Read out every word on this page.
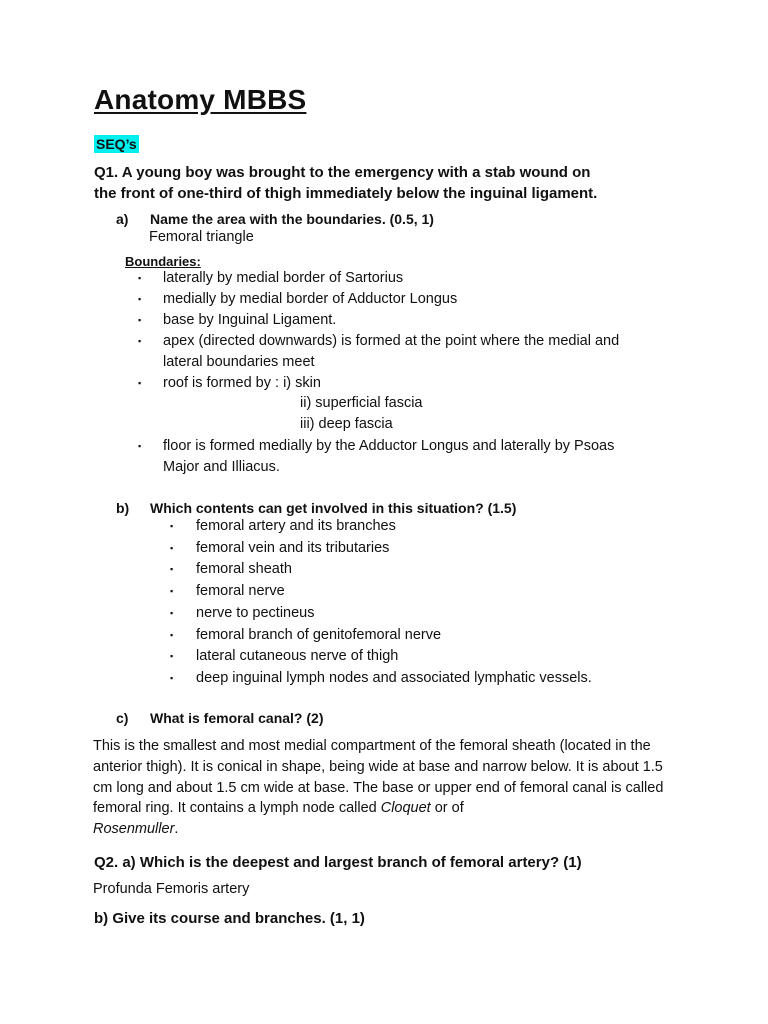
Anatomy MBBS
SEQ’s

Q1. A young boy was brought to the emergency with a stab wound on

the front of one-third of thigh immediately below the inguinal ligament.

a) Name the area with the boundaries. (0.5, 1)
Femoral triangle
Boundaries:
▪ laterally by medial border of Sartorius
▪ medially by medial border of Adductor Longus
▪ base by Inguinal Ligament.
▪ apex (directed downwards) is formed at the point where the medial and
lateral boundaries meet
▪ roof is formed by : i) skin

▪ floor is formed medially by the Adductor Longus and laterally by Psoas
Major and Illiacus.
ii) superficial fascia
iii) deep fascia
b) Which contents can get involved in this situation? (1.5)
▪ femoral artery and its branches
▪ femoral vein and its tributaries
▪ femoral sheath
▪ femoral nerve
▪ nerve to pectineus
▪ femoral branch of genitofemoral nerve
▪ lateral cutaneous nerve of thigh
▪ deep inguinal lymph nodes and associated lymphatic vessels.
c) What is femoral canal? (2)

This is the smallest and most medial compartment of the femoral sheath (located in the anterior thigh). It is conical in shape, being wide at base and narrow below. It is about 1.5 cm long and about 1.5 cm wide at base. The base or upper end of femoral canal is called femoral ring. It contains a lymph node called Cloquet or of
Rosenmuller.

Q2. a) Which is the deepest and largest branch of femoral artery? (1)

Profunda Femoris artery

b) Give its course and branches. (1, 1)
